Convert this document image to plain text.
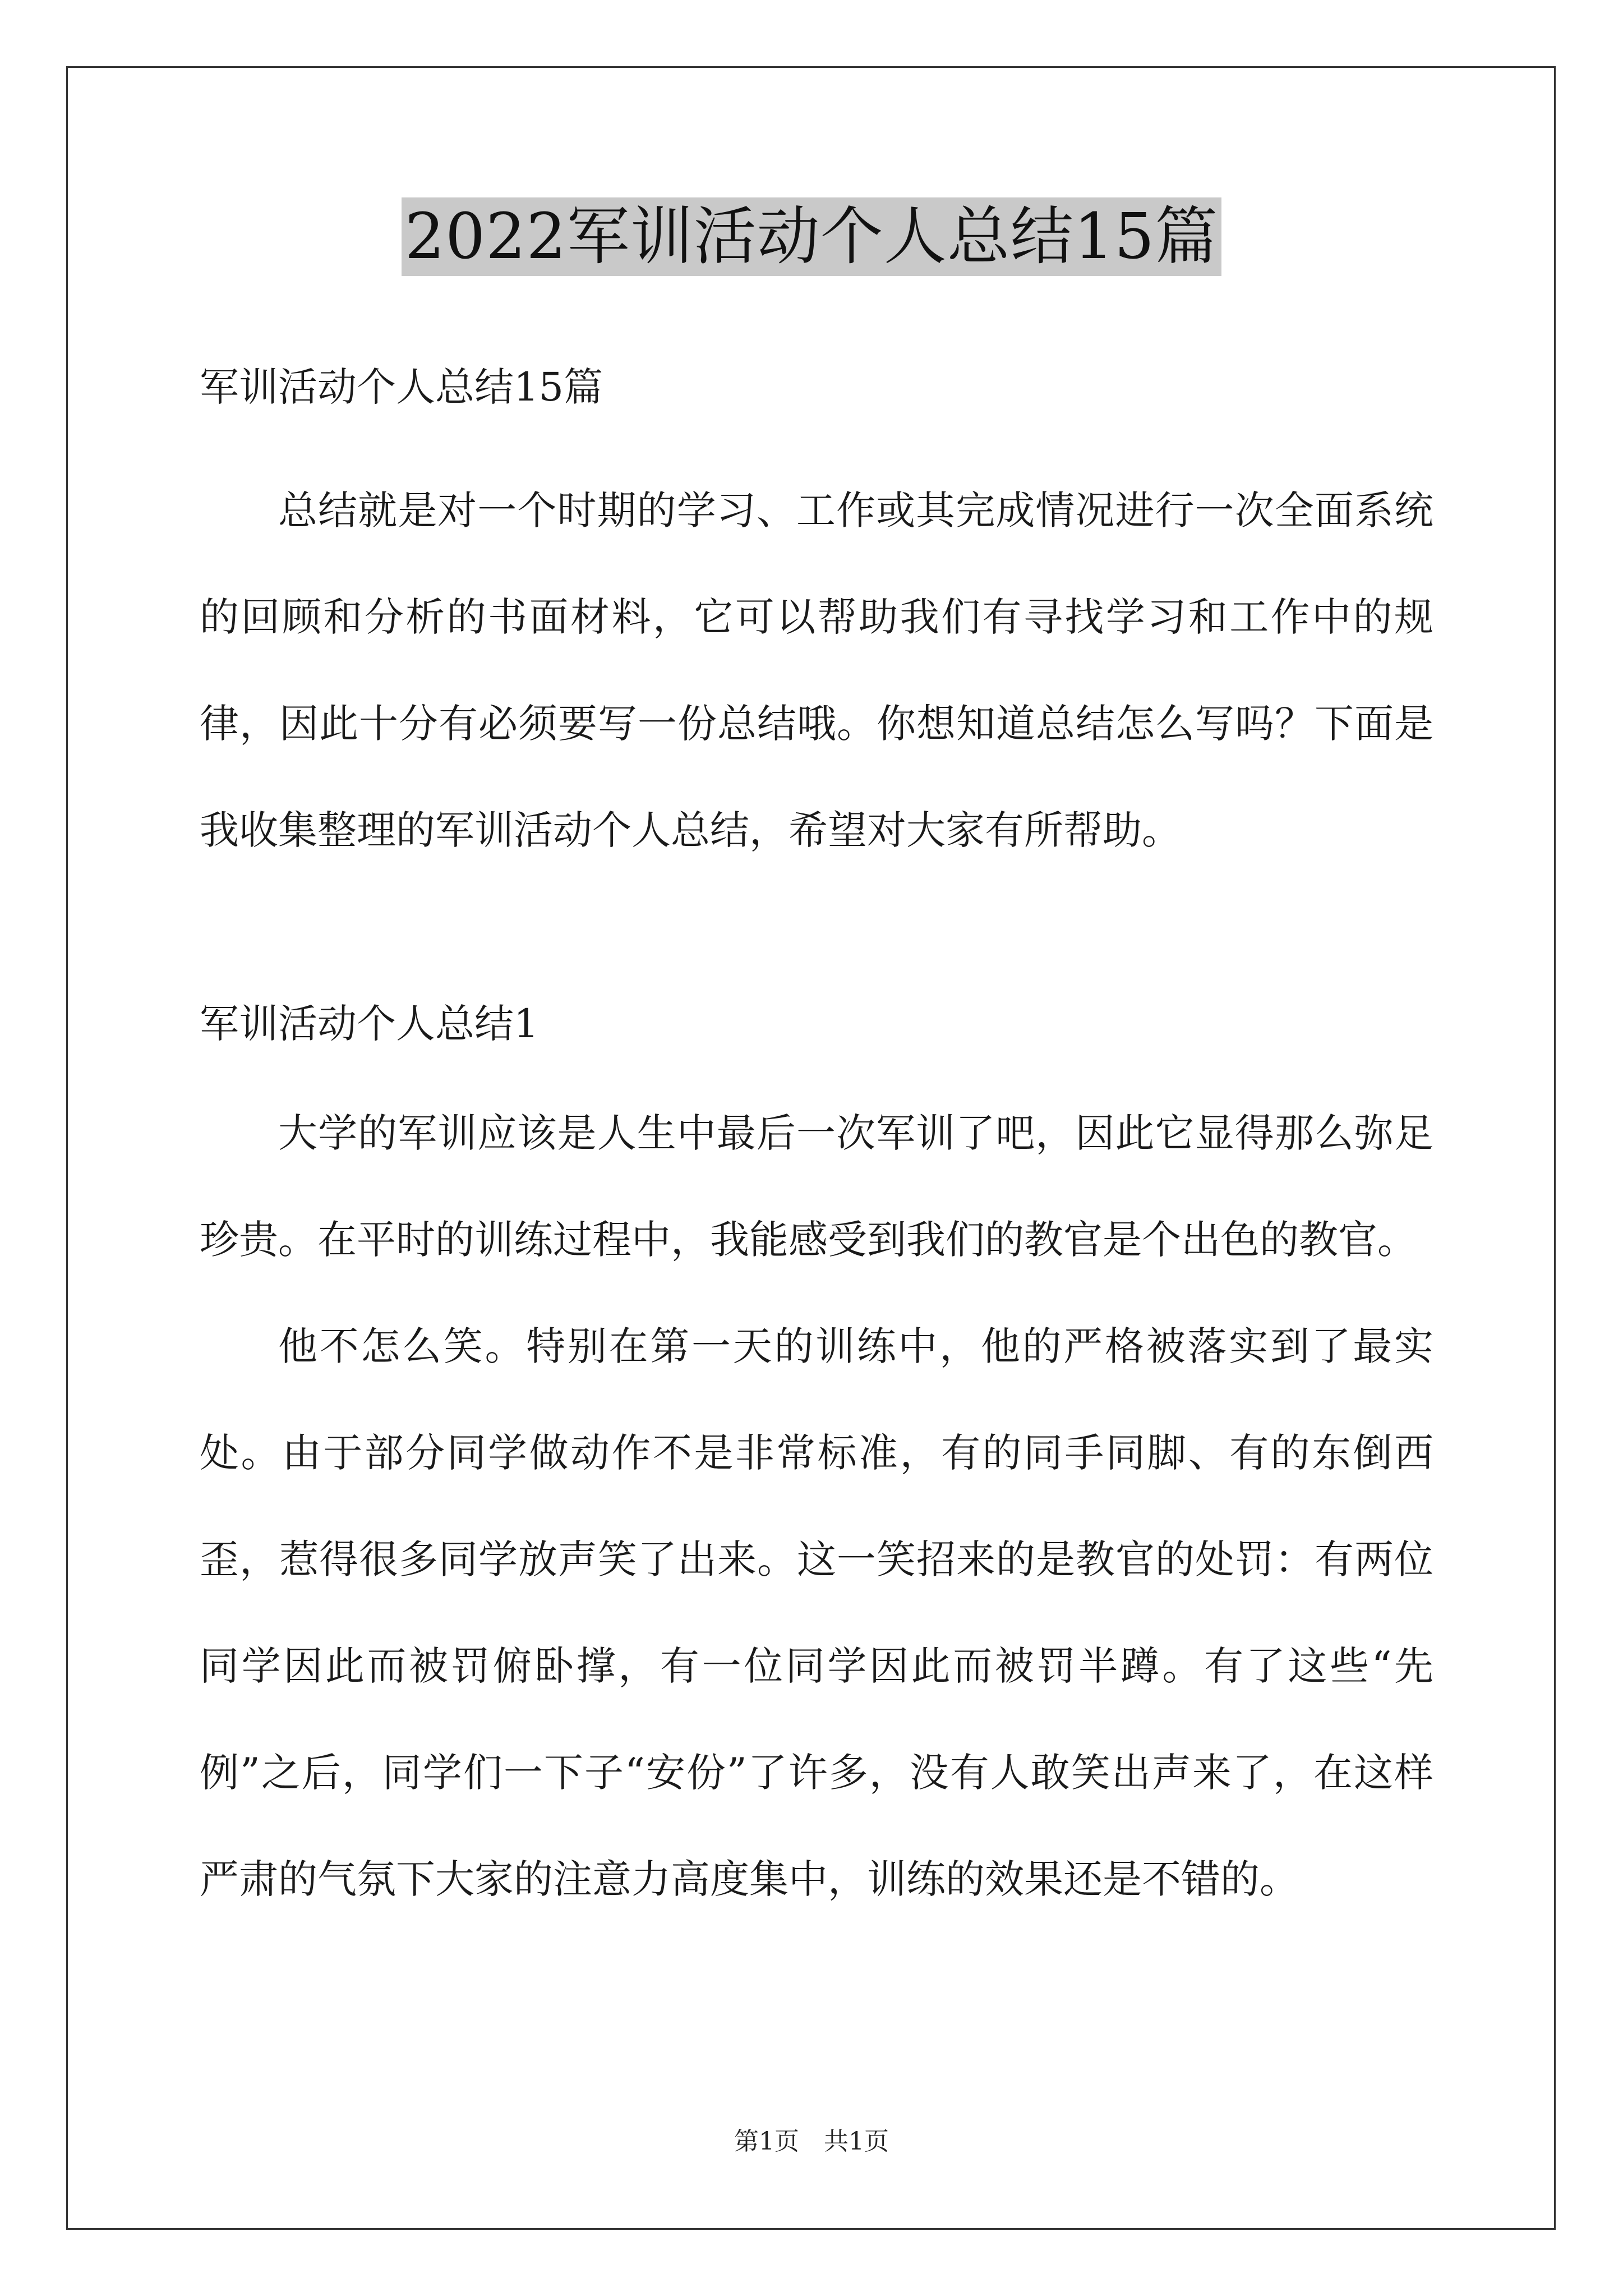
2022军训活动个人总结15篇

军训活动个人总结15篇

总结就是对一个时期的学习、工作或其完成情况进行一次全面系统的回顾和分析的书面材料，它可以帮助我们有寻找学习和工作中的规律，因此十分有必须要写一份总结哦。你想知道总结怎么写吗？下面是我收集整理的军训活动个人总结，希望对大家有所帮助。

军训活动个人总结1

大学的军训应该是人生中最后一次军训了吧，因此它显得那么弥足珍贵。在平时的训练过程中，我能感受到我们的教官是个出色的教官。

他不怎么笑。特别在第一天的训练中，他的严格被落实到了最实处。由于部分同学做动作不是非常标准，有的同手同脚、有的东倒西歪，惹得很多同学放声笑了出来。这一笑招来的是教官的处罚：有两位同学因此而被罚俯卧撑，有一位同学因此而被罚半蹲。有了这些“先例”之后，同学们一下子“安份”了许多，没有人敢笑出声来了，在这样严肃的气氛下大家的注意力高度集中，训练的效果还是不错的。

第1页　共1页
